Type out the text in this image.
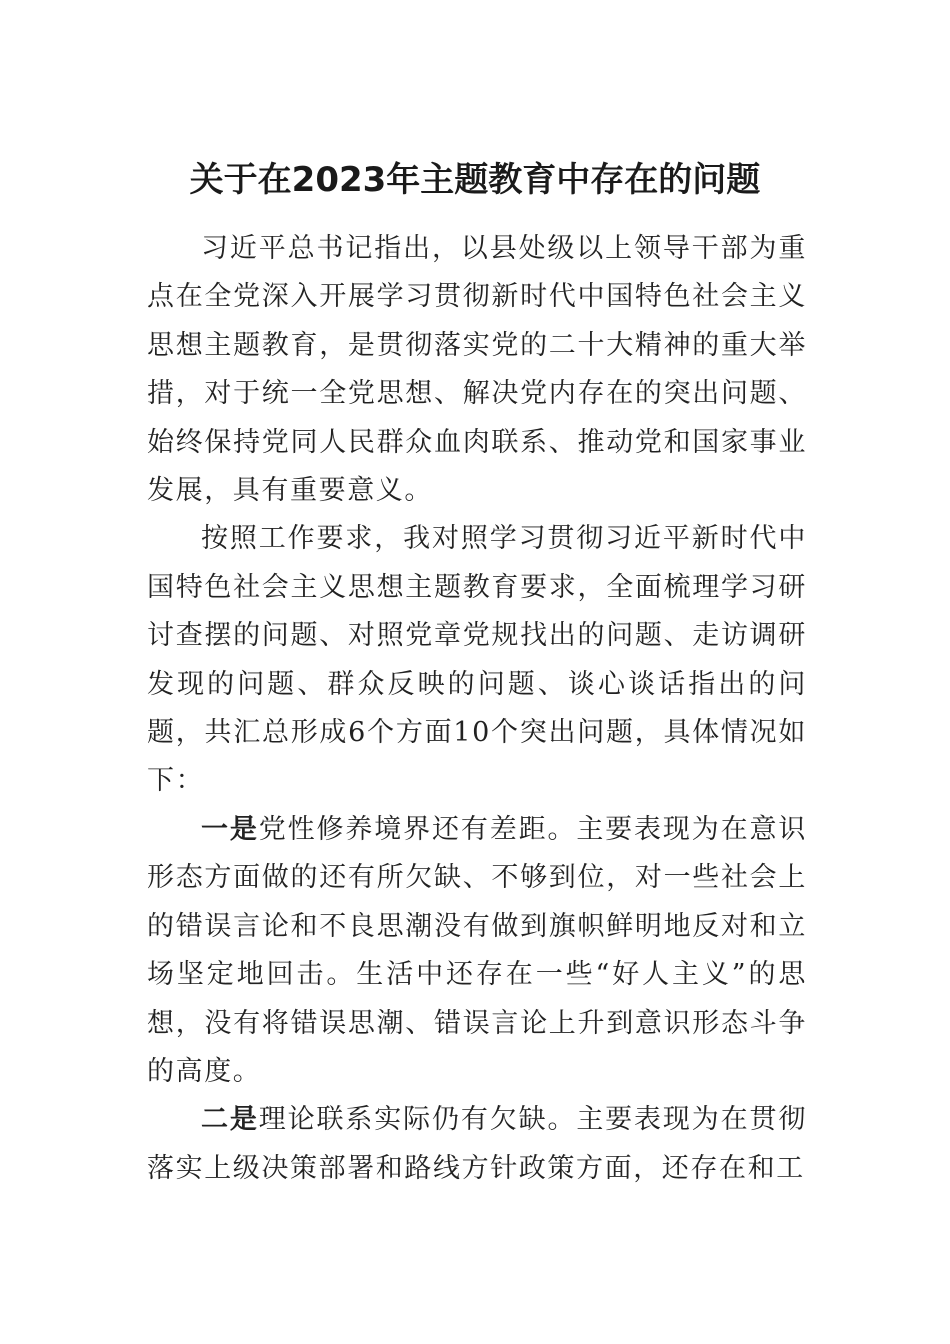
关于在2023年主题教育中存在的问题

习近平总书记指出，以县处级以上领导干部为重点在全党深入开展学习贯彻新时代中国特色社会主义思想主题教育，是贯彻落实党的二十大精神的重大举措，对于统一全党思想、解决党内存在的突出问题、始终保持党同人民群众血肉联系、推动党和国家事业发展，具有重要意义。

按照工作要求，我对照学习贯彻习近平新时代中国特色社会主义思想主题教育要求，全面梳理学习研讨查摆的问题、对照党章党规找出的问题、走访调研发现的问题、群众反映的问题、谈心谈话指出的问题，共汇总形成6个方面10个突出问题，具体情况如下：

一是党性修养境界还有差距。主要表现为在意识形态方面做的还有所欠缺、不够到位，对一些社会上的错误言论和不良思潮没有做到旗帜鲜明地反对和立场坚定地回击。生活中还存在一些“好人主义”的思想，没有将错误思潮、错误言论上升到意识形态斗争的高度。

二是理论联系实际仍有欠缺。主要表现为在贯彻落实上级决策部署和路线方针政策方面，还存在和工
